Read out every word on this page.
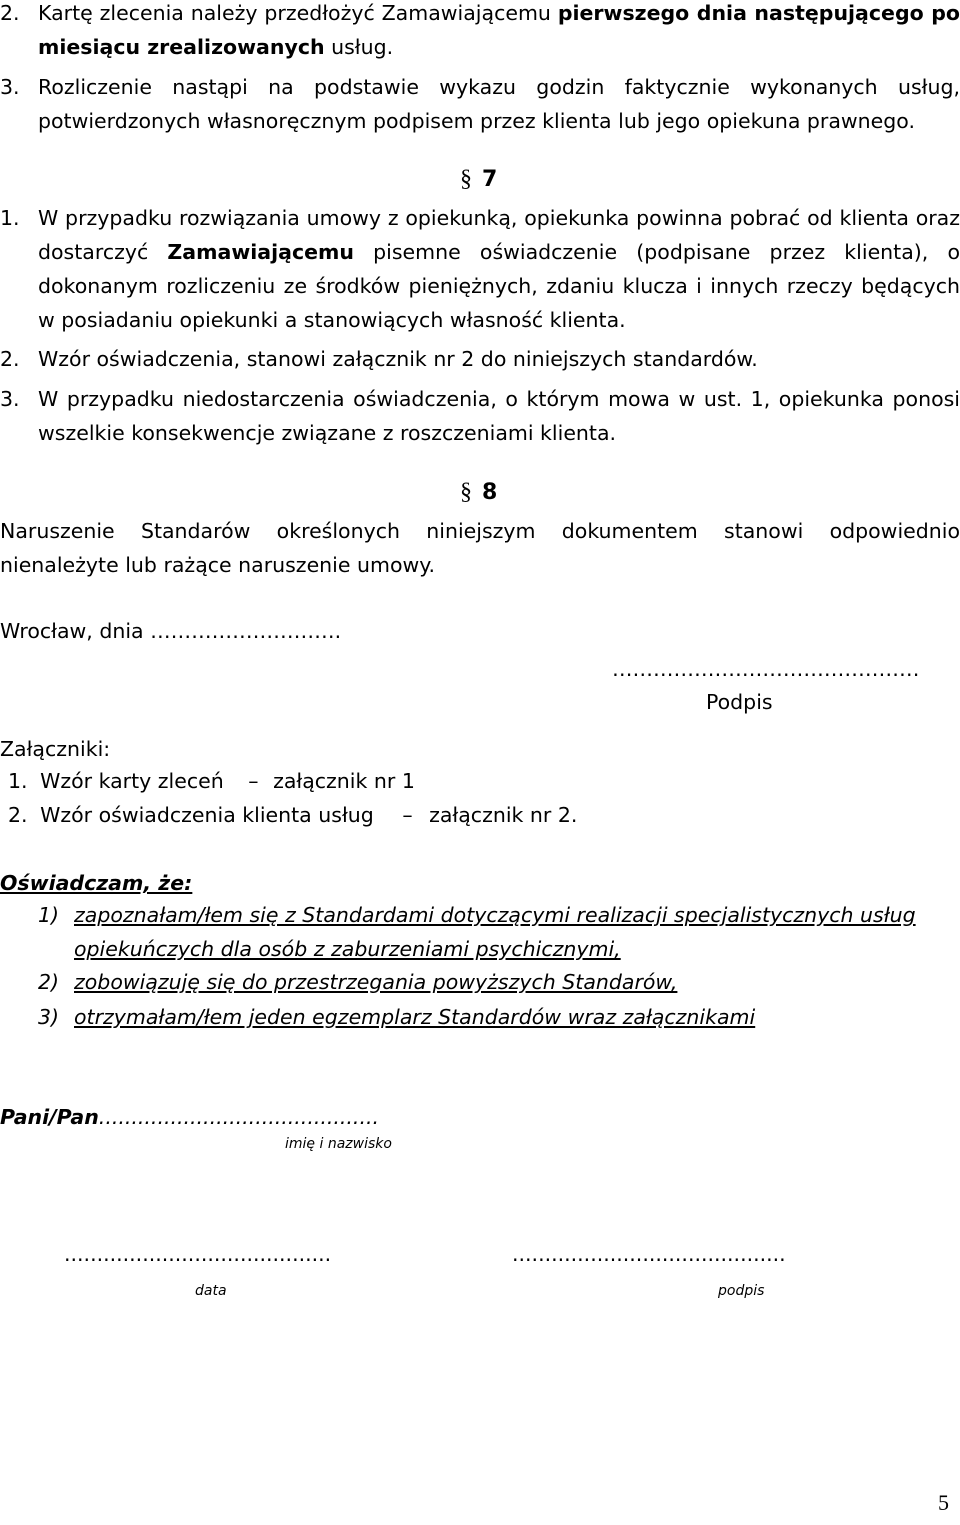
2. Kartę zlecenia należy przedłożyć Zamawiającemu pierwszego dnia następującego po miesiącu zrealizowanych usług.
3. Rozliczenie nastąpi na podstawie wykazu godzin faktycznie wykonanych usług, potwierdzonych własnoręcznym podpisem przez klienta lub jego opiekuna prawnego.
§ 7
1. W przypadku rozwiązania umowy z opiekunką, opiekunka powinna pobrać od klienta oraz dostarczyć Zamawiającemu pisemne oświadczenie (podpisane przez klienta), o dokonanym rozliczeniu ze środków pieniężnych, zdaniu klucza i innych rzeczy będących w posiadaniu opiekunki a stanowiących własność klienta.
2. Wzór oświadczenia, stanowi załącznik nr 2 do niniejszych standardów.
3. W przypadku niedostarczenia oświadczenia, o którym mowa w ust. 1, opiekunka ponosi wszelkie konsekwencje związane z roszczeniami klienta.
§ 8
Naruszenie Standarów określonych niniejszym dokumentem stanowi odpowiednio nienależyte lub rażące naruszenie umowy.
Wrocław, dnia ……………………….
………………………………………
Podpis
Załączniki:
1. Wzór karty zleceń – załącznik nr 1
2. Wzór oświadczenia klienta usług – załącznik nr 2.
Oświadczam, że:
1) zapoznałam/łem się z Standardami dotyczącymi realizacji specjalistycznych usług opiekuńczych dla osób z zaburzeniami psychicznymi,
2) zobowiązuję się do przestrzegania powyższych Standarów,
3) otrzymałam/łem jeden egzemplarz Standardów wraz załącznikami
Pani/Pan...........................................
imię i nazwisko
.........................................	..........................................
data	podpis
5
